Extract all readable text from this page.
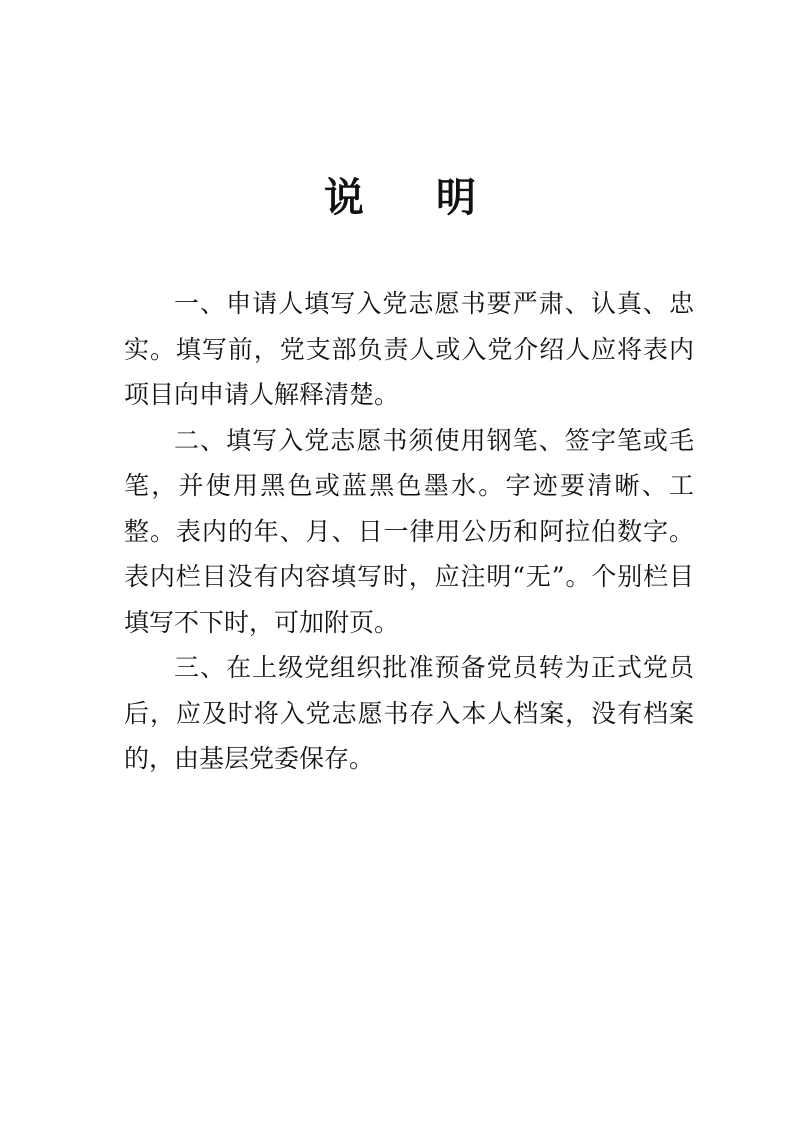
说 明

一、申请人填写入党志愿书要严肃、认真、忠实。填写前，党支部负责人或入党介绍人应将表内项目向申请人解释清楚。

二、填写入党志愿书须使用钢笔、签字笔或毛笔，并使用黑色或蓝黑色墨水。字迹要清晰、工整。表内的年、月、日一律用公历和阿拉伯数字。表内栏目没有内容填写时，应注明“无”。个别栏目填写不下时，可加附页。

三、在上级党组织批准预备党员转为正式党员后，应及时将入党志愿书存入本人档案，没有档案的，由基层党委保存。
